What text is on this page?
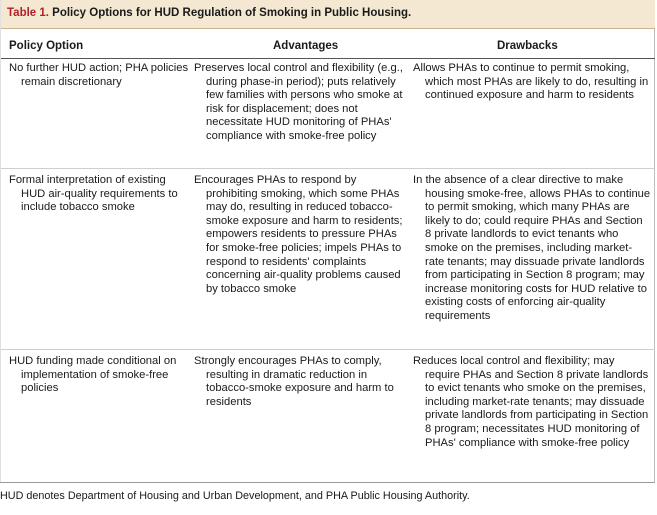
Table 1. Policy Options for HUD Regulation of Smoking in Public Housing.
Policy Option	Advantages	Drawbacks
No further HUD action; PHA policies remain discretionary
Preserves local control and flexibility (e.g., during phase-in period); puts relatively few families with persons who smoke at risk for displacement; does not necessitate HUD monitoring of PHAs' compliance with smoke-free policy
Allows PHAs to continue to permit smoking, which most PHAs are likely to do, resulting in continued exposure and harm to residents
Formal interpretation of existing HUD air-quality requirements to include tobacco smoke
Encourages PHAs to respond by prohibiting smoking, which some PHAs may do, resulting in reduced tobacco-smoke exposure and harm to residents; empowers residents to pressure PHAs for smoke-free policies; impels PHAs to respond to residents' complaints concerning air-quality problems caused by tobacco smoke
In the absence of a clear directive to make housing smoke-free, allows PHAs to continue to permit smoking, which many PHAs are likely to do; could require PHAs and Section 8 private landlords to evict tenants who smoke on the premises, including market-rate tenants; may dissuade private landlords from participating in Section 8 program; may increase monitoring costs for HUD relative to existing costs of enforcing air-quality requirements
HUD funding made conditional on implementation of smoke-free policies
Strongly encourages PHAs to comply, resulting in dramatic reduction in tobacco-smoke exposure and harm to residents
Reduces local control and flexibility; may require PHAs and Section 8 private landlords to evict tenants who smoke on the premises, including market-rate tenants; may dissuade private landlords from participating in Section 8 program; necessitates HUD monitoring of PHAs' compliance with smoke-free policy
HUD denotes Department of Housing and Urban Development, and PHA Public Housing Authority.
